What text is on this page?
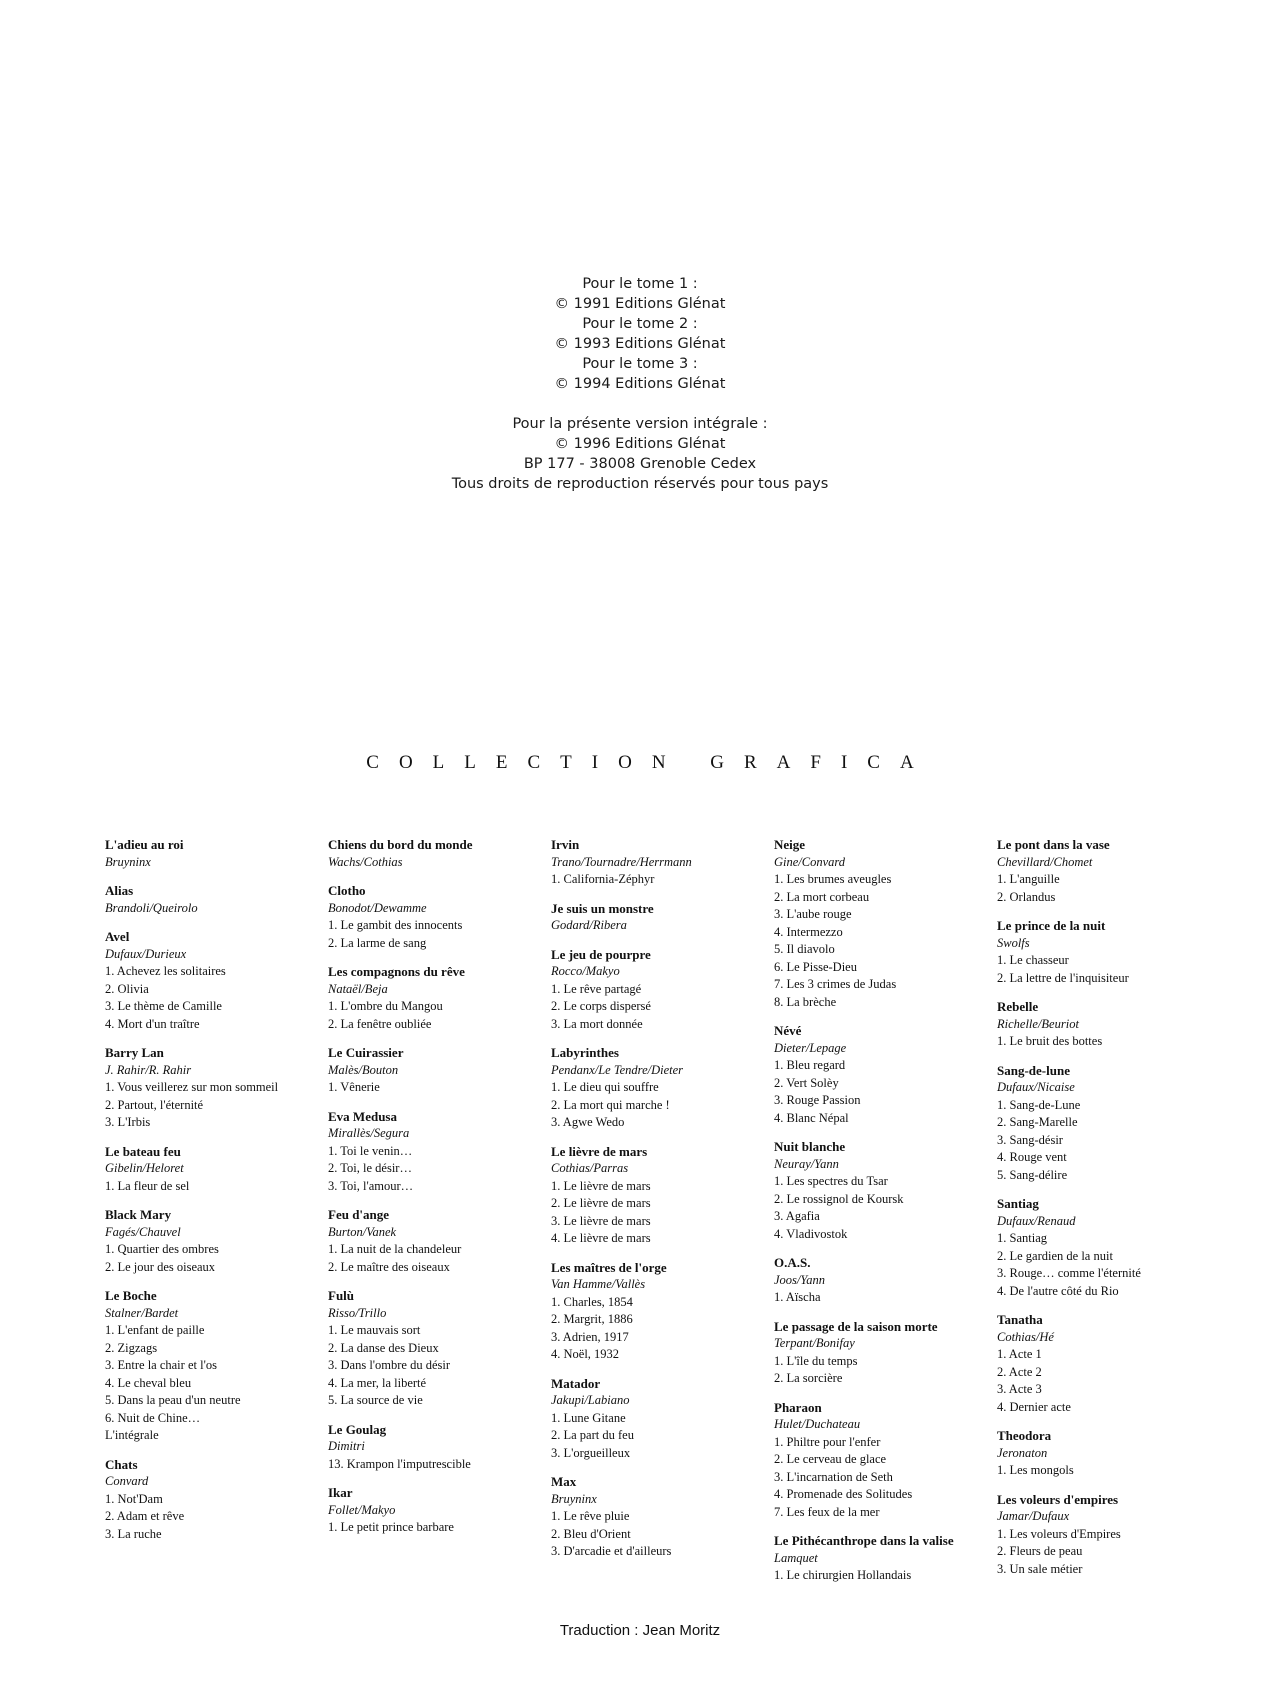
Pour le tome 1 :
© 1991 Editions Glénat
Pour le tome 2 :
© 1993 Editions Glénat
Pour le tome 3 :
© 1994 Editions Glénat
Pour la présente version intégrale :
© 1996 Editions Glénat
BP 177 - 38008 Grenoble Cedex
Tous droits de reproduction réservés pour tous pays
COLLECTION GRAFICA
L'adieu au roi
Bruyninx
Alias
Brandoli/Queirolo
Avel
Dufaux/Durieux
1. Achevez les solitaires
2. Olivia
3. Le thème de Camille
4. Mort d'un traître
Barry Lan
J. Rahir/R. Rahir
1. Vous veillerez sur mon sommeil
2. Partout, l'éternité
3. L'Irbis
Le bateau feu
Gibelin/Heloret
1. La fleur de sel
Black Mary
Fagés/Chauvel
1. Quartier des ombres
2. Le jour des oiseaux
Le Boche
Stalner/Bardet
1. L'enfant de paille
2. Zigzags
3. Entre la chair et l'os
4. Le cheval bleu
5. Dans la peau d'un neutre
6. Nuit de Chine…
L'intégrale
Chats
Convard
1. Not'Dam
2. Adam et rêve
3. La ruche
Chiens du bord du monde
Wachs/Cothias
Clotho
Bonodot/Dewamme
1. Le gambit des innocents
2. La larme de sang
Les compagnons du rêve
Nataël/Beja
1. L'ombre du Mangou
2. La fenêtre oubliée
Le Cuirassier
Malès/Bouton
1. Vênerie
Eva Medusa
Mirallès/Segura
1. Toi le venin…
2. Toi, le désir…
3. Toi, l'amour…
Feu d'ange
Burton/Vanek
1. La nuit de la chandeleur
2. Le maître des oiseaux
Fulù
Risso/Trillo
1. Le mauvais sort
2. La danse des Dieux
3. Dans l'ombre du désir
4. La mer, la liberté
5. La source de vie
Le Goulag
Dimitri
13. Krampon l'imputrescible
Ikar
Follet/Makyo
1. Le petit prince barbare
Irvin
Trano/Tournadre/Herrmann
1. California-Zéphyr
Je suis un monstre
Godard/Ribera
Le jeu de pourpre
Rocco/Makyo
1. Le rêve partagé
2. Le corps dispersé
3. La mort donnée
Labyrinthes
Pendanx/Le Tendre/Dieter
1. Le dieu qui souffre
2. La mort qui marche !
3. Agwe Wedo
Le lièvre de mars
Cothias/Parras
1. Le lièvre de mars
2. Le lièvre de mars
3. Le lièvre de mars
4. Le lièvre de mars
Les maîtres de l'orge
Van Hamme/Vallès
1. Charles, 1854
2. Margrit, 1886
3. Adrien, 1917
4. Noël, 1932
Matador
Jakupi/Labiano
1. Lune Gitane
2. La part du feu
3. L'orgueilleux
Max
Bruyninx
1. Le rêve pluie
2. Bleu d'Orient
3. D'arcadie et d'ailleurs
Neige
Gine/Convard
1. Les brumes aveugles
2. La mort corbeau
3. L'aube rouge
4. Intermezzo
5. Il diavolo
6. Le Pisse-Dieu
7. Les 3 crimes de Judas
8. La brèche
Névé
Dieter/Lepage
1. Bleu regard
2. Vert Solèy
3. Rouge Passion
4. Blanc Népal
Nuit blanche
Neuray/Yann
1. Les spectres du Tsar
2. Le rossignol de Koursk
3. Agafia
4. Vladivostok
O.A.S.
Joos/Yann
1. Aïscha
Le passage de la saison morte
Terpant/Bonifay
1. L'île du temps
2. La sorcière
Pharaon
Hulet/Duchateau
1. Philtre pour l'enfer
2. Le cerveau de glace
3. L'incarnation de Seth
4. Promenade des Solitudes
7. Les feux de la mer
Le Pithécanthrope dans la valise
Lamquet
1. Le chirurgien Hollandais
Le pont dans la vase
Chevillard/Chomet
1. L'anguille
2. Orlandus
Le prince de la nuit
Swolfs
1. Le chasseur
2. La lettre de l'inquisiteur
Rebelle
Richelle/Beuriot
1. Le bruit des bottes
Sang-de-lune
Dufaux/Nicaise
1. Sang-de-Lune
2. Sang-Marelle
3. Sang-désir
4. Rouge vent
5. Sang-délire
Santiag
Dufaux/Renaud
1. Santiag
2. Le gardien de la nuit
3. Rouge… comme l'éternité
4. De l'autre côté du Rio
Tanatha
Cothias/Hé
1. Acte 1
2. Acte 2
3. Acte 3
4. Dernier acte
Theodora
Jeronaton
1. Les mongols
Les voleurs d'empires
Jamar/Dufaux
1. Les voleurs d'Empires
2. Fleurs de peau
3. Un sale métier
Traduction : Jean Moritz
